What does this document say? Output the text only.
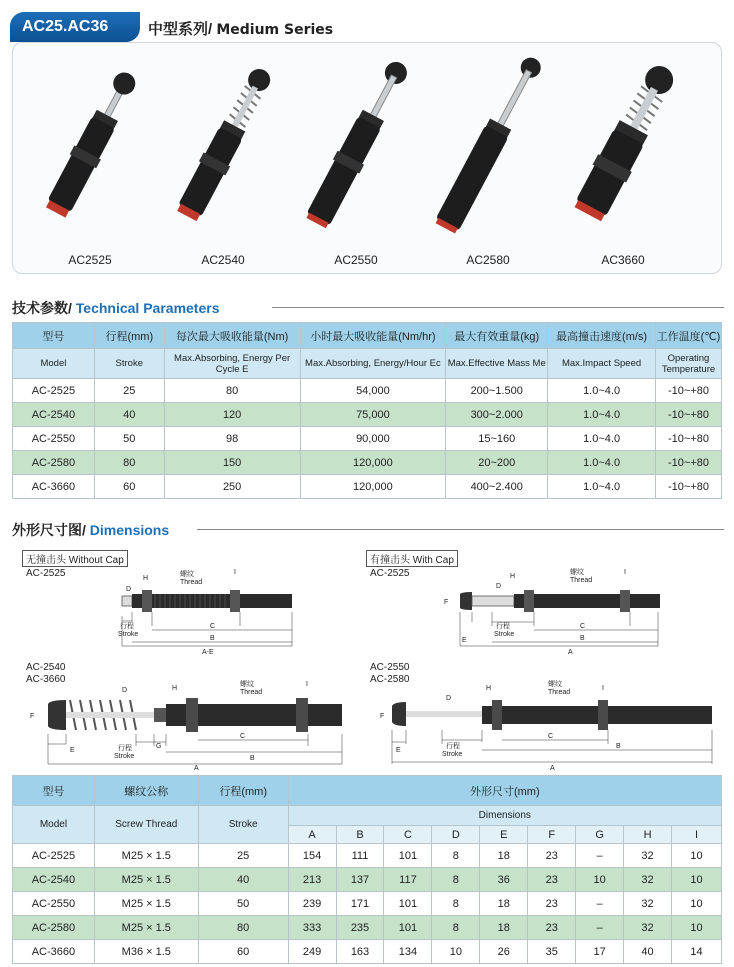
AC25.AC36	中型系列/ Medium Series
AC2525	AC2540	AC2550	AC2580	AC3660
技术参数/ Technical Parameters
型号	行程(mm)	每次最大吸收能量(Nm)	小时最大吸收能量(Nm/hr)	最大有效重量(kg)	最高撞击速度(m/s)	工作温度(℃)
Model	Stroke	Max.Absorbing, Energy Per Cycle E	Max.Absorbing, Energy/Hour Ec	Max.Effective Mass Me	Max.Impact Speed	Operating Temperature
AC-2525	25	80	54,000	200~1.500	1.0~4.0	-10~+80
AC-2540	40	120	75,000	300~2.000	1.0~4.0	-10~+80
AC-2550	50	98	90,000	15~160	1.0~4.0	-10~+80
AC-2580	80	150	120,000	20~200	1.0~4.0	-10~+80
AC-3660	60	250	120,000	400~2.400	1.0~4.0	-10~+80
外形尺寸图/ Dimensions
无撞击头 Without Cap	有撞击头 With Cap
AC-2525	AC-2525
AC-2540
AC-3660
AC-2550
AC-2580
H
螺纹
Thread
I
D
行程
Stroke
C
B
A-E
F
D
H
螺纹
Thread
I
行程
Stroke
C
E	B
A
F
D	H
螺纹
Thread
I
E	行程
Stroke
G
C
B
A
F
D
H
螺纹
Thread
I
E
行程
Stroke
C
B
A
型号	螺纹公称	行程(mm)	外形尺寸(mm)								
Model	Screw Thread	Stroke	Dimensions								
			A	B	C	D	E	F	G	H	I
AC-2525	M25 × 1.5	25	154	111	101	8	18	23	–	32	10
AC-2540	M25 × 1.5	40	213	137	117	8	36	23	10	32	10
AC-2550	M25 × 1.5	50	239	171	101	8	18	23	–	32	10
AC-2580	M25 × 1.5	80	333	235	101	8	18	23	–	32	10
AC-3660	M36 × 1.5	60	249	163	134	10	26	35	17	40	14
